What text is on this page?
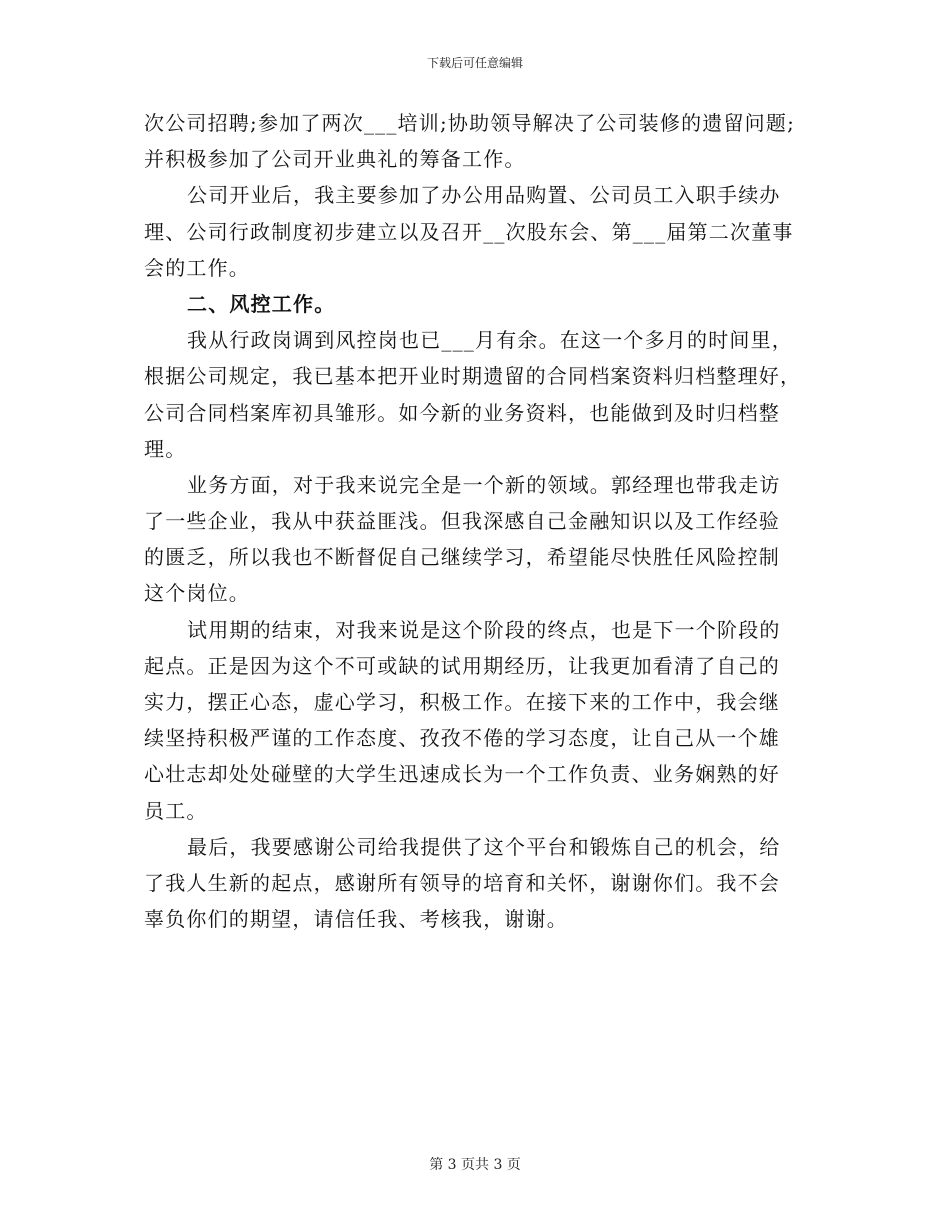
下载后可任意编辑
次公司招聘;参加了两次___培训;协助领导解决了公司装修的遗留问题;
并积极参加了公司开业典礼的筹备工作。
公司开业后，我主要参加了办公用品购置、公司员工入职手续办
理、公司行政制度初步建立以及召开__次股东会、第___届第二次董事
会的工作。
二、风控工作。
我从行政岗调到风控岗也已___月有余。在这一个多月的时间里，
根据公司规定，我已基本把开业时期遗留的合同档案资料归档整理好，
公司合同档案库初具雏形。如今新的业务资料，也能做到及时归档整
理。
业务方面，对于我来说完全是一个新的领域。郭经理也带我走访
了一些企业，我从中获益匪浅。但我深感自己金融知识以及工作经验
的匮乏，所以我也不断督促自己继续学习，希望能尽快胜任风险控制
这个岗位。
试用期的结束，对我来说是这个阶段的终点，也是下一个阶段的
起点。正是因为这个不可或缺的试用期经历，让我更加看清了自己的
实力，摆正心态，虚心学习，积极工作。在接下来的工作中，我会继
续坚持积极严谨的工作态度、孜孜不倦的学习态度，让自己从一个雄
心壮志却处处碰壁的大学生迅速成长为一个工作负责、业务娴熟的好
员工。
最后，我要感谢公司给我提供了这个平台和锻炼自己的机会，给
了我人生新的起点，感谢所有领导的培育和关怀，谢谢你们。我不会
辜负你们的期望，请信任我、考核我，谢谢。
第 3 页共 3 页
